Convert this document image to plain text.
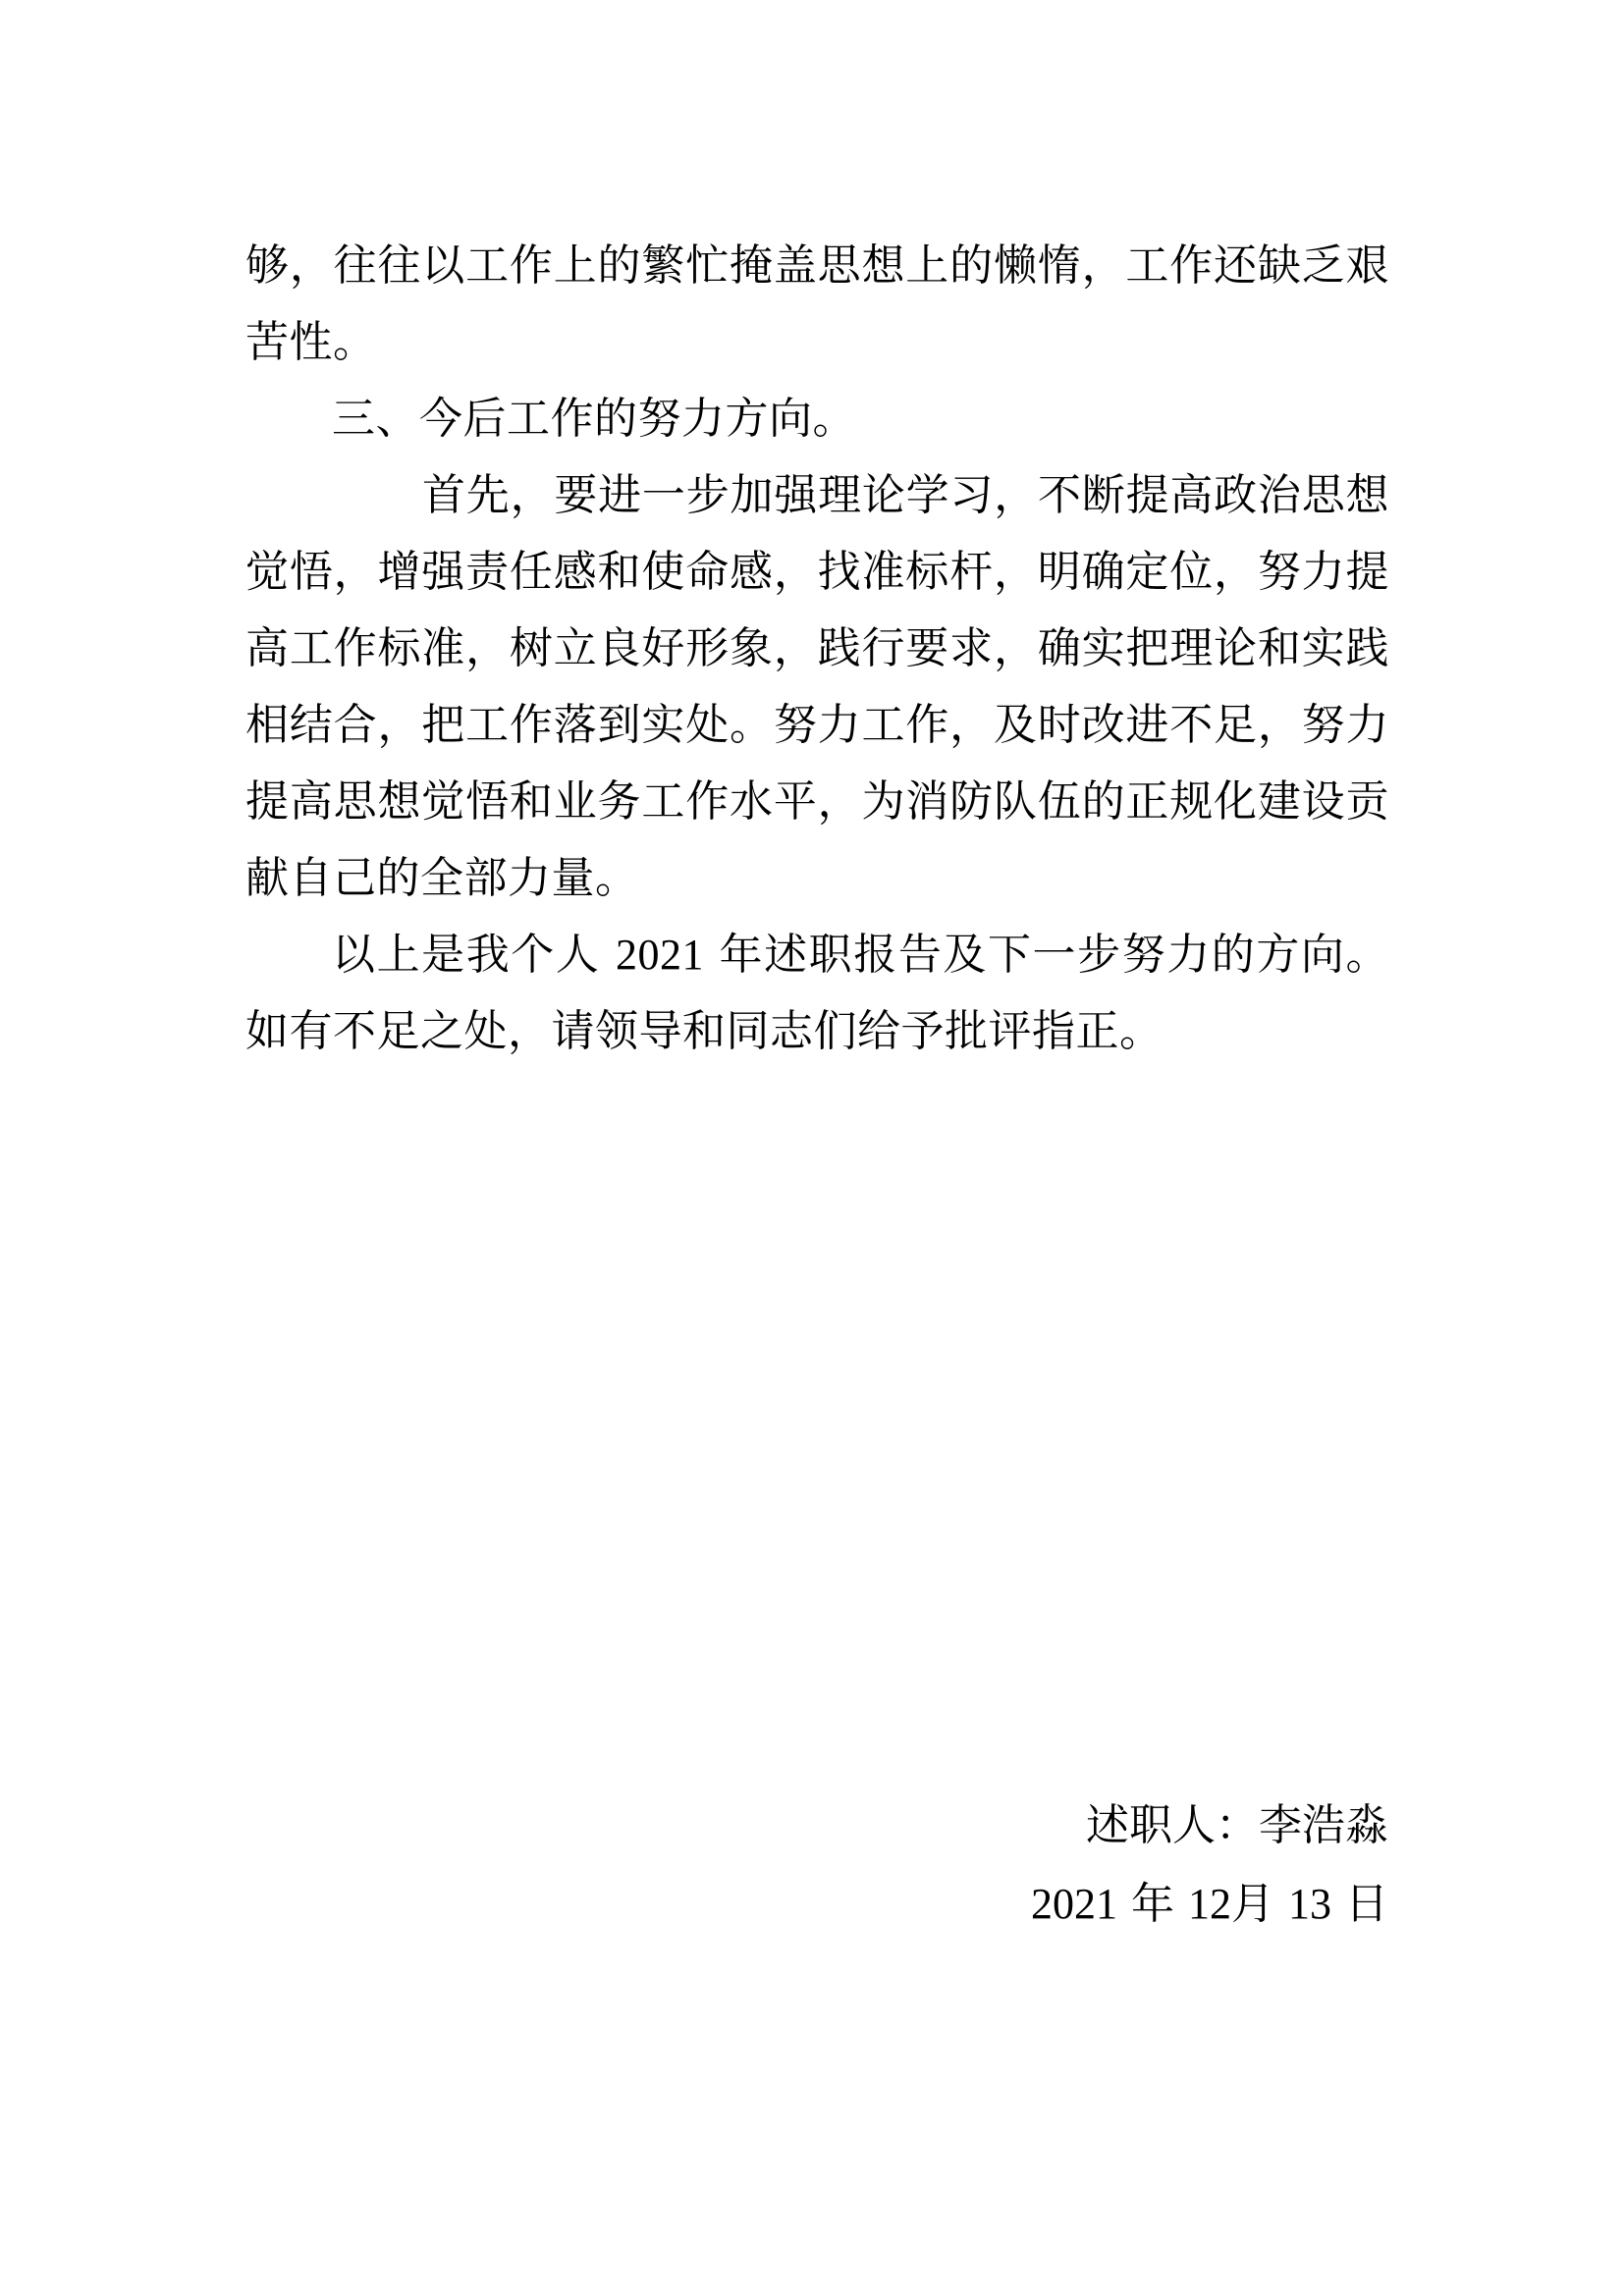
够，往往以工作上的繁忙掩盖思想上的懒惰，工作还缺乏艰苦性。

三、今后工作的努力方向。

首先，要进一步加强理论学习，不断提高政治思想觉悟，增强责任感和使命感，找准标杆，明确定位，努力提高工作标准，树立良好形象，践行要求，确实把理论和实践相结合，把工作落到实处。努力工作，及时改进不足，努力提高思想觉悟和业务工作水平，为消防队伍的正规化建设贡献自己的全部力量。

以上是我个人 2021 年述职报告及下一步努力的方向。如有不足之处，请领导和同志们给予批评指正。

述职人：李浩淼

2021 年 12月 13 日
